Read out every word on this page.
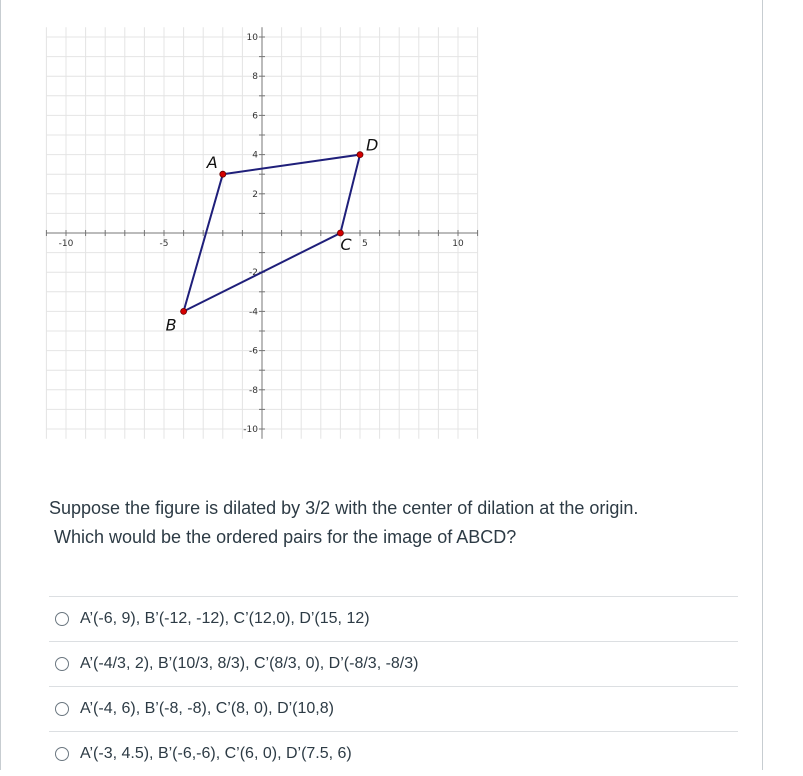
-10	-5	5	10
10
8
6
4
2
-2
-4
-6
-8
-10
A
B
C
D
Suppose the figure is dilated by 3/2 with the center of dilation at the origin.
Which would be the ordered pairs for the image of ABCD?
A’(-6, 9), B’(-12, -12), C’(12,0), D’(15, 12)
A’(-4/3, 2), B’(10/3, 8/3), C’(8/3, 0), D’(-8/3, -8/3)
A’(-4, 6), B’(-8, -8), C’(8, 0), D’(10,8)
A’(-3, 4.5), B’(-6,-6), C’(6, 0), D’(7.5, 6)
